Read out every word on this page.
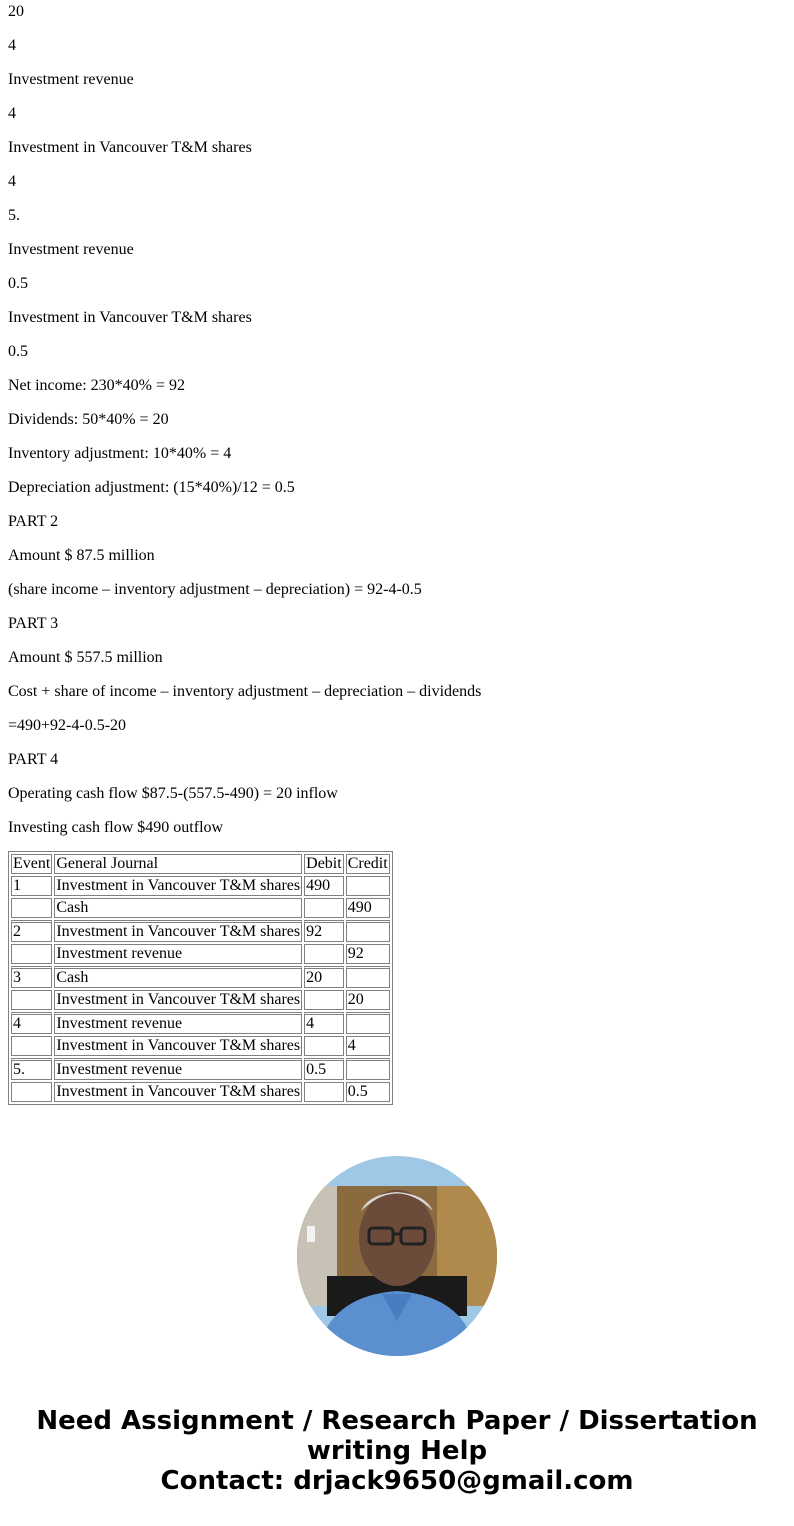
20

4

Investment revenue

4

Investment in Vancouver T&M shares

4

5.

Investment revenue

0.5

Investment in Vancouver T&M shares

0.5

Net income: 230*40% = 92

Dividends: 50*40% = 20

Inventory adjustment: 10*40% = 4

Depreciation adjustment: (15*40%)/12 = 0.5

PART 2

Amount $ 87.5 million

(share income – inventory adjustment – depreciation) = 92-4-0.5

PART 3

Amount $ 557.5 million

Cost + share of income – inventory adjustment – depreciation – dividends

=490+92-4-0.5-20

PART 4

Operating cash flow $87.5-(557.5-490) = 20 inflow

Investing cash flow $490 outflow

Event	General Journal	Debit	Credit
1	Investment in Vancouver T&M shares	490	
	Cash		490
2	Investment in Vancouver T&M shares	92	
	Investment revenue		92
3	Cash	20	
	Investment in Vancouver T&M shares		20
4	Investment revenue	4	
	Investment in Vancouver T&M shares		4
5.	Investment revenue	0.5	
	Investment in Vancouver T&M shares		0.5
Need Assignment / Research Paper / Dissertation
writing Help
Contact: drjack9650@gmail.com
